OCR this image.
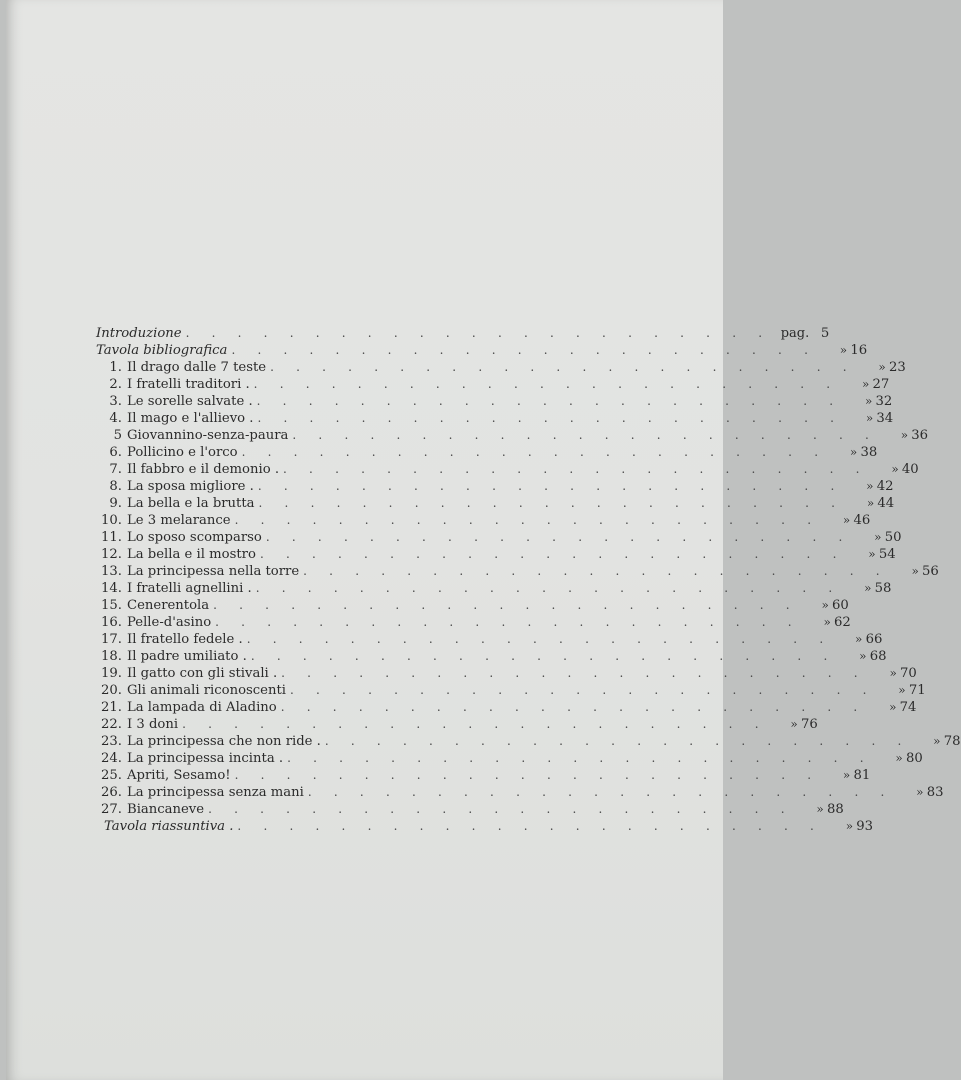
Introduzione . . . . . . . . . . . . . . . . . . . . . . . pag. 5
Tavola bibliografica . . . . . . . . . . . . . . . . . . . . . . .	» 16
1. Il drago dalle 7 teste . . . . . . . . . . . . . . . . . . . . . . .	» 23
2. I fratelli traditori . . . . . . . . . . . . . . . . . . . . . . . .	» 27
3. Le sorelle salvate . . . . . . . . . . . . . . . . . . . . . . . .	» 32
4. Il mago e l'allievo . . . . . . . . . . . . . . . . . . . . . . . .	» 34
5 Giovannino-senza-paura . . . . . . . . . . . . . . . . . . . . . . .	» 36
6. Pollicino e l'orco . . . . . . . . . . . . . . . . . . . . . . .	» 38
7. Il fabbro e il demonio . . . . . . . . . . . . . . . . . . . . . . . .	» 40
8. La sposa migliore . . . . . . . . . . . . . . . . . . . . . . . .	» 42
9. La bella e la brutta . . . . . . . . . . . . . . . . . . . . . . .	» 44
10. Le 3 melarance . . . . . . . . . . . . . . . . . . . . . . .	» 46
11. Lo sposo scomparso . . . . . . . . . . . . . . . . . . . . . . .	» 50
12. La bella e il mostro . . . . . . . . . . . . . . . . . . . . . . .	» 54
13. La principessa nella torre . . . . . . . . . . . . . . . . . . . . . . .	» 56
14. I fratelli agnellini . . . . . . . . . . . . . . . . . . . . . . . .	» 58
15. Cenerentola . . . . . . . . . . . . . . . . . . . . . . .	» 60
16. Pelle-d'asino . . . . . . . . . . . . . . . . . . . . . . .	» 62
17. Il fratello fedele . . . . . . . . . . . . . . . . . . . . . . . .	» 66
18. Il padre umiliato . . . . . . . . . . . . . . . . . . . . . . . .	» 68
19. Il gatto con gli stivali . . . . . . . . . . . . . . . . . . . . . . . .	» 70
20. Gli animali riconoscenti . . . . . . . . . . . . . . . . . . . . . . .	» 71
21. La lampada di Aladino . . . . . . . . . . . . . . . . . . . . . . .	» 74
22. I 3 doni . . . . . . . . . . . . . . . . . . . . . . .	» 76
23. La principessa che non ride . . . . . . . . . . . . . . . . . . . . . . . .	» 78
24. La principessa incinta . . . . . . . . . . . . . . . . . . . . . . . .	» 80
25. Apriti, Sesamo! . . . . . . . . . . . . . . . . . . . . . . .	» 81
26. La principessa senza mani . . . . . . . . . . . . . . . . . . . . . . .	» 83
27. Biancaneve . . . . . . . . . . . . . . . . . . . . . . .	» 88
Tavola riassuntiva . . . . . . . . . . . . . . . . . . . . . . . .	» 93
